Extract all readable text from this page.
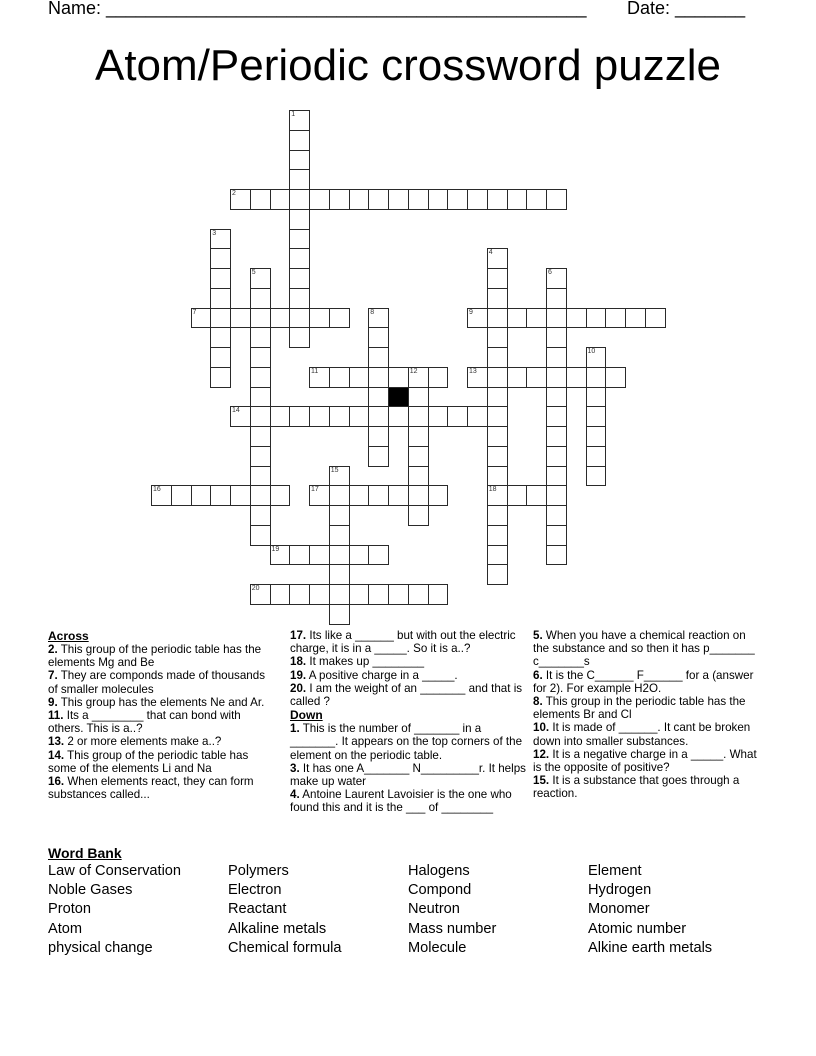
Name: ________________________________________________ Date: _______
Atom/Periodic crossword puzzle
1
2
3
4
18
5	6
7	8	9
10
11	12	13
14
15
16	17
19
20
Across

2. This group of the periodic table has the elements Mg and Be

7. They are componds made of thousands of smaller molecules

9. This group has the elements Ne and Ar.

11. Its a ________ that can bond with others. This is a..?

13. 2 or more elements make a..?

14. This group of the periodic table has some of the elements Li and Na

16. When elements react, they can form substances called...

17. Its like a ______ but with out the electric charge, it is in a _____. So it is a..?

18. It makes up ________

19. A positive charge in a _____.

20. I am the weight of an _______ and that is called ?

Down

1. This is the number of _______ in a _______. It appears on the top corners of the element on the periodic table.

3. It has one A_______ N_________r. It helps make up water

4. Antoine Laurent Lavoisier is the one who found this and it is the ___ of ________

5. When you have a chemical reaction on the substance and so then it has p_______ c_______s

6. It is the C______ F______ for a (answer for 2). For example H2O.

8. This group in the periodic table has the elements Br and Cl

10. It is made of ______. It cant be broken down into smaller substances.

12. It is a negative charge in a _____. What is the opposite of positive?

15. It is a substance that goes through a reaction.

Word Bank
Law of Conservation
Noble Gases
Proton
Atom
physical change
Polymers
Electron
Reactant
Alkaline metals
Chemical formula
Halogens
Compond
Neutron
Mass number
Molecule
Element
Hydrogen
Monomer
Atomic number
Alkine earth metals
